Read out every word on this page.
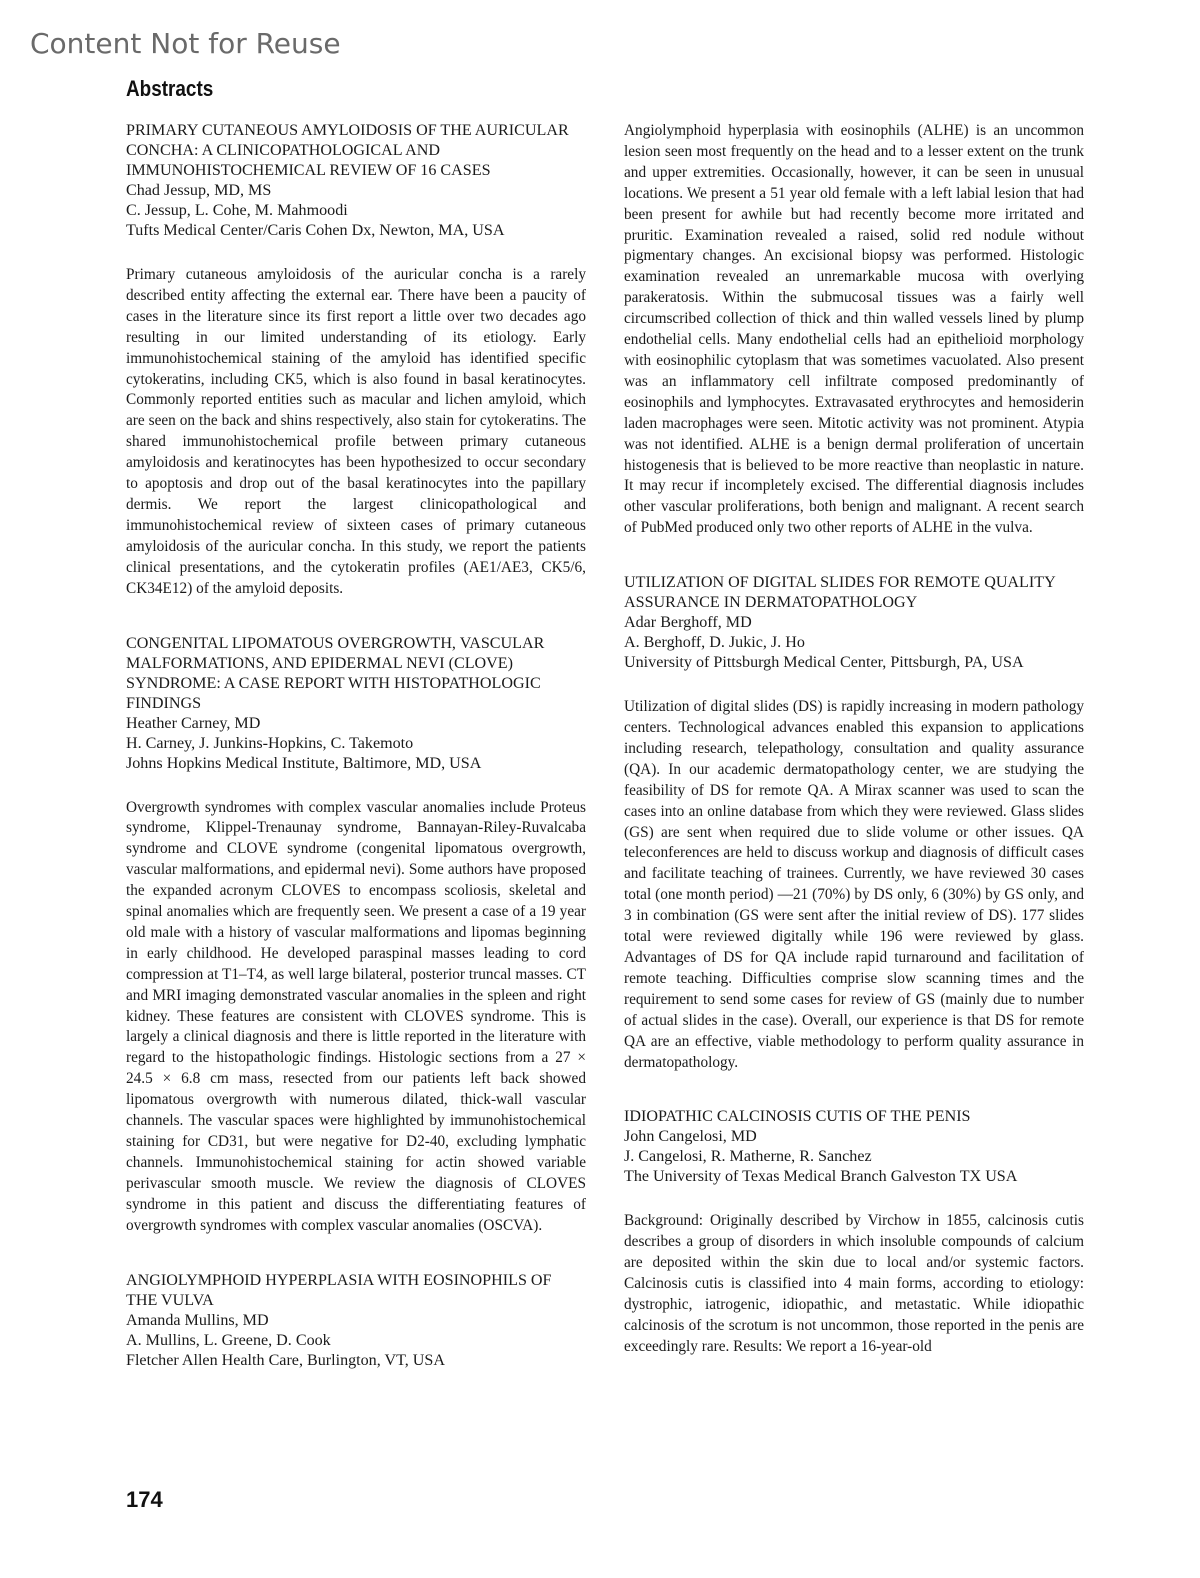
Content Not for Reuse
Abstracts

PRIMARY CUTANEOUS AMYLOIDOSIS OF THE AURICULAR CONCHA: A CLINICOPATHOLOGICAL AND IMMUNOHISTOCHEMICAL REVIEW OF 16 CASES

Chad Jessup, MD, MS

C. Jessup, L. Cohe, M. Mahmoodi

Tufts Medical Center/Caris Cohen Dx, Newton, MA, USA

Primary cutaneous amyloidosis of the auricular concha is a rarely described entity affecting the external ear. There have been a paucity of cases in the literature since its first report a little over two decades ago resulting in our limited understanding of its etiology. Early immunohistochemical staining of the amyloid has identified specific cytokeratins, including CK5, which is also found in basal keratinocytes. Commonly reported entities such as macular and lichen amyloid, which are seen on the back and shins respectively, also stain for cytokeratins. The shared immunohistochemical profile between primary cutaneous amyloidosis and keratinocytes has been hypothesized to occur secondary to apoptosis and drop out of the basal keratinocytes into the papillary dermis. We report the largest clinicopathological and immunohistochemical review of sixteen cases of primary cutaneous amyloidosis of the auricular concha. In this study, we report the patients clinical presentations, and the cytokeratin profiles (AE1/AE3, CK5/6, CK34E12) of the amyloid deposits.

CONGENITAL LIPOMATOUS OVERGROWTH, VASCULAR MALFORMATIONS, AND EPIDERMAL NEVI (CLOVE) SYNDROME: A CASE REPORT WITH HISTOPATHOLOGIC FINDINGS

Heather Carney, MD

H. Carney, J. Junkins-Hopkins, C. Takemoto

Johns Hopkins Medical Institute, Baltimore, MD, USA

Overgrowth syndromes with complex vascular anomalies include Proteus syndrome, Klippel-Trenaunay syndrome, Bannayan-Riley-Ruvalcaba syndrome and CLOVE syndrome (congenital lipomatous overgrowth, vascular malformations, and epidermal nevi). Some authors have proposed the expanded acronym CLOVES to encompass scoliosis, skeletal and spinal anomalies which are frequently seen. We present a case of a 19 year old male with a history of vascular malformations and lipomas beginning in early childhood. He developed paraspinal masses leading to cord compression at T1–T4, as well large bilateral, posterior truncal masses. CT and MRI imaging demonstrated vascular anomalies in the spleen and right kidney. These features are consistent with CLOVES syndrome. This is largely a clinical diagnosis and there is little reported in the literature with regard to the histopathologic findings. Histologic sections from a 27 × 24.5 × 6.8 cm mass, resected from our patients left back showed lipomatous overgrowth with numerous dilated, thick-wall vascular channels. The vascular spaces were highlighted by immunohistochemical staining for CD31, but were negative for D2-40, excluding lymphatic channels. Immunohistochemical staining for actin showed variable perivascular smooth muscle. We review the diagnosis of CLOVES syndrome in this patient and discuss the differentiating features of overgrowth syndromes with complex vascular anomalies (OSCVA).

ANGIOLYMPHOID HYPERPLASIA WITH EOSINOPHILS OF THE VULVA

Amanda Mullins, MD

A. Mullins, L. Greene, D. Cook

Fletcher Allen Health Care, Burlington, VT, USA

Angiolymphoid hyperplasia with eosinophils (ALHE) is an uncommon lesion seen most frequently on the head and to a lesser extent on the trunk and upper extremities. Occasionally, however, it can be seen in unusual locations. We present a 51 year old female with a left labial lesion that had been present for awhile but had recently become more irritated and pruritic. Examination revealed a raised, solid red nodule without pigmentary changes. An excisional biopsy was performed. Histologic examination revealed an unremarkable mucosa with overlying parakeratosis. Within the submucosal tissues was a fairly well circumscribed collection of thick and thin walled vessels lined by plump endothelial cells. Many endothelial cells had an epithelioid morphology with eosinophilic cytoplasm that was sometimes vacuolated. Also present was an inflammatory cell infiltrate composed predominantly of eosinophils and lymphocytes. Extravasated erythrocytes and hemosiderin laden macrophages were seen. Mitotic activity was not prominent. Atypia was not identified. ALHE is a benign dermal proliferation of uncertain histogenesis that is believed to be more reactive than neoplastic in nature. It may recur if incompletely excised. The differential diagnosis includes other vascular proliferations, both benign and malignant. A recent search of PubMed produced only two other reports of ALHE in the vulva.

UTILIZATION OF DIGITAL SLIDES FOR REMOTE QUALITY ASSURANCE IN DERMATOPATHOLOGY

Adar Berghoff, MD

A. Berghoff, D. Jukic, J. Ho

University of Pittsburgh Medical Center, Pittsburgh, PA, USA

Utilization of digital slides (DS) is rapidly increasing in modern pathology centers. Technological advances enabled this expansion to applications including research, telepathology, consultation and quality assurance (QA). In our academic dermatopathology center, we are studying the feasibility of DS for remote QA. A Mirax scanner was used to scan the cases into an online database from which they were reviewed. Glass slides (GS) are sent when required due to slide volume or other issues. QA teleconferences are held to discuss workup and diagnosis of difficult cases and facilitate teaching of trainees. Currently, we have reviewed 30 cases total (one month period) —21 (70%) by DS only, 6 (30%) by GS only, and 3 in combination (GS were sent after the initial review of DS). 177 slides total were reviewed digitally while 196 were reviewed by glass. Advantages of DS for QA include rapid turnaround and facilitation of remote teaching. Difficulties comprise slow scanning times and the requirement to send some cases for review of GS (mainly due to number of actual slides in the case). Overall, our experience is that DS for remote QA are an effective, viable methodology to perform quality assurance in dermatopathology.

IDIOPATHIC CALCINOSIS CUTIS OF THE PENIS

John Cangelosi, MD

J. Cangelosi, R. Matherne, R. Sanchez

The University of Texas Medical Branch Galveston TX USA

Background: Originally described by Virchow in 1855, calcinosis cutis describes a group of disorders in which insoluble compounds of calcium are deposited within the skin due to local and/or systemic factors. Calcinosis cutis is classified into 4 main forms, according to etiology: dystrophic, iatrogenic, idiopathic, and metastatic. While idiopathic calcinosis of the scrotum is not uncommon, those reported in the penis are exceedingly rare. Results: We report a 16-year-old

174
